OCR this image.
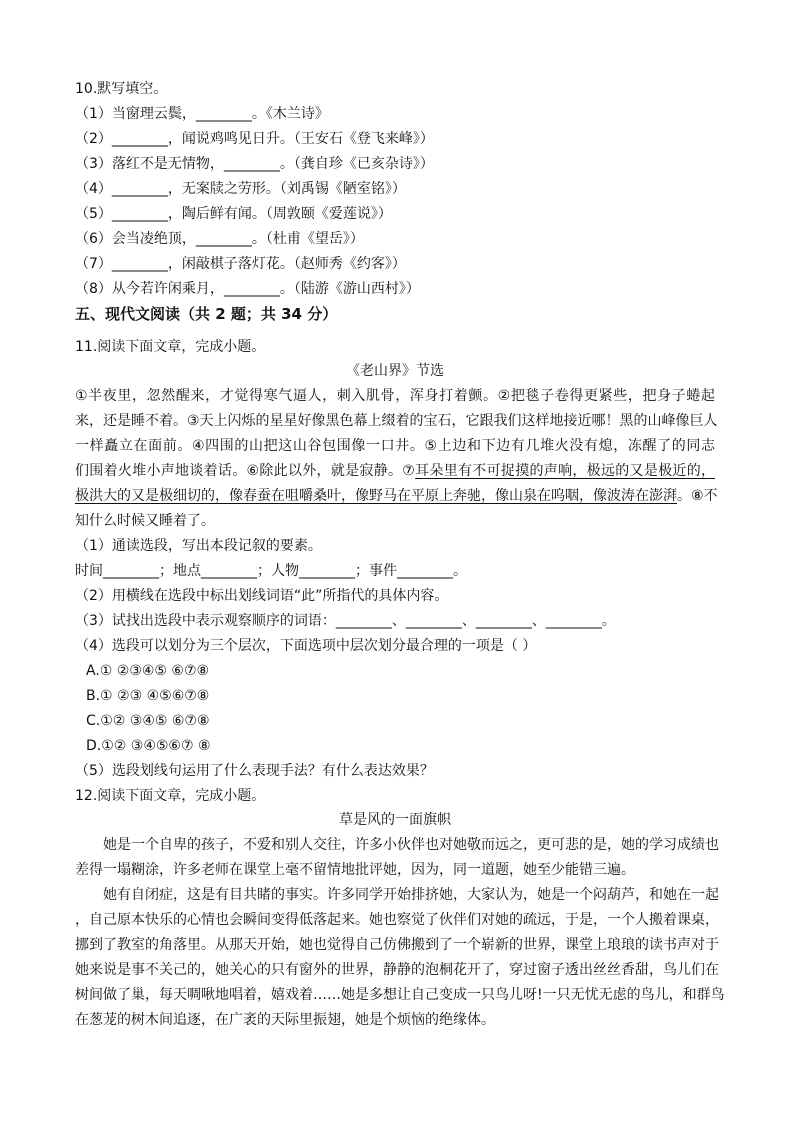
10.默写填空。
（1）当窗理云鬓，________。《木兰诗》
（2）________，闻说鸡鸣见日升。（王安石《登飞来峰》）
（3）落红不是无情物，________。（龚自珍《已亥杂诗》）
（4）________，无案牍之劳形。（刘禹锡《陋室铭》）
（5）________，陶后鲜有闻。（周敦颐《爱莲说》）
（6）会当凌绝顶，________。（杜甫《望岳》）
（7）________，闲敲棋子落灯花。（赵师秀《约客》）
（8）从今若许闲乘月，________。（陆游《游山西村》）
五、现代文阅读（共 2 题；共 34 分）
11.阅读下面文章，完成小题。
《老山界》节选
①半夜里，忽然醒来，才觉得寒气逼人，刺入肌骨，浑身打着颤。②把毯子卷得更紧些，把身子蜷起
来，还是睡不着。③天上闪烁的星星好像黑色幕上缀着的宝石，它跟我们这样地接近哪！黑的山峰像巨人
一样矗立在面前。④四围的山把这山谷包围像一口井。⑤上边和下边有几堆火没有熄，冻醒了的同志
们围着火堆小声地谈着话。⑥除此以外，就是寂静。⑦耳朵里有不可捉摸的声响，极远的又是极近的，
极洪大的又是极细切的，像春蚕在咀嚼桑叶，像野马在平原上奔驰，像山泉在呜咽，像波涛在澎湃。⑧不
知什么时候又睡着了。
（1）通读选段，写出本段记叙的要素。
时间________；地点________；人物________；事件________。
（2）用横线在选段中标出划线词语“此”所指代的具体内容。
（3）试找出选段中表示观察顺序的词语：________、________、________、________。
（4）选段可以划分为三个层次，下面选项中层次划分最合理的一项是（ ）
A.① ②③④⑤ ⑥⑦⑧
B.① ②③ ④⑤⑥⑦⑧
C.①② ③④⑤ ⑥⑦⑧
D.①② ③④⑤⑥⑦ ⑧
（5）选段划线句运用了什么表现手法？有什么表达效果？
12.阅读下面文章，完成小题。
草是风的一面旗帜
她是一个自卑的孩子，不爱和别人交往，许多小伙伴也对她敬而远之，更可悲的是，她的学习成绩也
差得一塌糊涂，许多老师在课堂上毫不留情地批评她，因为，同一道题，她至少能错三遍。
她有自闭症，这是有目共睹的事实。许多同学开始排挤她，大家认为，她是一个闷葫芦，和她在一起
，自己原本快乐的心情也会瞬间变得低落起来。她也察觉了伙伴们对她的疏远，于是，一个人搬着课桌，
挪到了教室的角落里。从那天开始，她也觉得自己仿佛搬到了一个崭新的世界，课堂上琅琅的读书声对于
她来说是事不关己的，她关心的只有窗外的世界，静静的泡桐花开了，穿过窗子透出丝丝香甜，鸟儿们在
树间做了巢，每天啁啾地唱着，嬉戏着……她是多想让自己变成一只鸟儿呀!一只无忧无虑的鸟儿，和群鸟
在葱茏的树木间追逐，在广袤的天际里振翅，她是个烦恼的绝缘体。
